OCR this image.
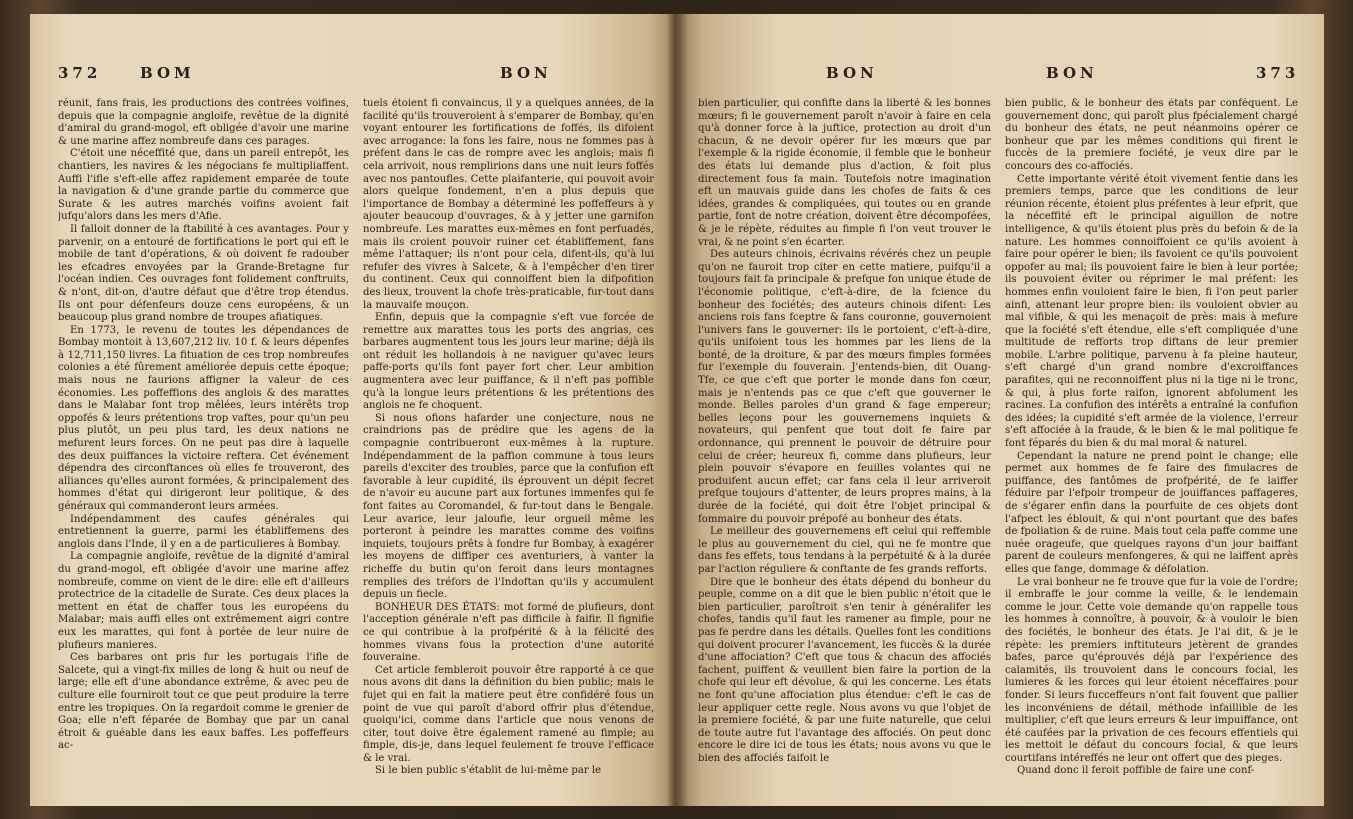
372	BOM	BON

réunit, fans frais, les productions des contrées voifines, depuis que la compagnie angloife, revêtue de la dignité d'amiral du grand-mogol, eft obligée d'avoir une marine & une marine affez nombreufe dans ces parages.

C'étoit une néceffité que, dans un pareil entrepôt, les chantiers, les navires & les négocians fe multipliaffent. Auffi l'ifle s'eft-elle affez rapidement emparée de toute la navigation & d'une grande partie du commerce que Surate & les autres marchés voifins avoient fait jufqu'alors dans les mers d'Afie.

Il falloit donner de la ftabilité à ces avantages. Pour y parvenir, on a entouré de fortifications le port qui eft le mobile de tant d'opérations, & où doivent fe radouber les efcadres envoyées par la Grande-Bretagne fur l'océan indien. Ces ouvrages font folidement conftruits, & n'ont, dit-on, d'autre défaut que d'être trop étendus. Ils ont pour défenfeurs douze cens européens, & un beaucoup plus grand nombre de troupes afiatiques.

En 1773, le revenu de toutes les dépendances de Bombay montoit à 13,607,212 liv. 10 f. & leurs dépenfes à 12,711,150 livres. La fituation de ces trop nombreufes colonies a été fûrement améliorée depuis cette époque; mais nous ne faurions affigner la valeur de ces économies. Les poffeffions des anglois & des marattes dans le Malabar font trop mêlées, leurs intérêts trop oppofés & leurs prétentions trop vaftes, pour qu'un peu plus plutôt, un peu plus tard, les deux nations ne mefurent leurs forces. On ne peut pas dire à laquelle des deux puiffances la victoire reftera. Cet événement dépendra des circonftances où elles fe trouveront, des alliances qu'elles auront formées, & principalement des hommes d'état qui dirigeront leur politique, & des généraux qui commanderont leurs armées.

Indépendamment des caufes générales qui entretiennent la guerre, parmi les établiffemens des anglois dans l'Inde, il y en a de particulieres à Bombay.

La compagnie angloife, revêtue de la dignité d'amiral du grand-mogol, eft obligée d'avoir une marine affez nombreufe, comme on vient de le dire: elle eft d'ailleurs protectrice de la citadelle de Surate. Ces deux places la mettent en état de chaffer tous les européens du Malabar; mais auffi elles ont extrêmement aigri contre eux les marattes, qui font à portée de leur nuire de plufieurs manieres.

Ces barbares ont pris fur les portugais l'ifle de Salcete, qui a vingt-fix milles de long & huit ou neuf de large; elle eft d'une abondance extrême, & avec peu de culture elle fourniroit tout ce que peut produire la terre entre les tropiques. On la regardoit comme le grenier de Goa; elle n'eft féparée de Bombay que par un canal étroit & guéable dans les eaux baffes. Les poffeffeurs ac-

tuels étoient fi convaincus, il y a quelques années, de la facilité qu'ils trouveroient à s'emparer de Bombay, qu'en voyant entourer les fortifications de foffés, ils difoient avec arrogance: la fons les faire, nous ne fommes pas à préfent dans le cas de rompre avec les anglois; mais fi cela arrivoit, nous remplirions dans une nuit leurs foffés avec nos pantoufles. Cette plaifanterie, qui pouvoit avoir alors quelque fondement, n'en a plus depuis que l'importance de Bombay a déterminé les poffeffeurs à y ajouter beaucoup d'ouvrages, & à y jetter une garnifon nombreufe. Les marattes eux-mêmes en font perfuadés, mais ils croient pouvoir ruiner cet établiffement, fans même l'attaquer; ils n'ont pour cela, difent-ils, qu'à lui refufer des vivres à Salcete, & à l'empêcher d'en tirer du continent. Ceux qui connoiffent bien la difpofition des lieux, trouvent la chofe très-praticable, fur-tout dans la mauvaife mouçon.

Enfin, depuis que la compagnie s'eft vue forcée de remettre aux marattes tous les ports des angrias, ces barbares augmentent tous les jours leur marine; déjà ils ont réduit les hollandois à ne naviguer qu'avec leurs paffe-ports qu'ils font payer fort cher. Leur ambition augmentera avec leur puiffance, & il n'eft pas poffible qu'à la longue leurs prétentions & les prétentions des anglois ne fe choquent.

Si nous ofions hafarder une conjecture, nous ne craindrions pas de prédire que les agens de la compagnie contribueront eux-mêmes à la rupture. Indépendamment de la paffion commune à tous leurs pareils d'exciter des troubles, parce que la confufion eft favorable à leur cupidité, ils éprouvent un dépit fecret de n'avoir eu aucune part aux fortunes immenfes qui fe font faites au Coromandel, & fur-tout dans le Bengale. Leur avarice, leur jaloufie, leur orgueil même les porteront à peindre les marattes comme des voifins inquiets, toujours prêts à fondre fur Bombay, à exagérer les moyens de diffiper ces aventuriers, à vanter la richeffe du butin qu'on feroit dans leurs montagnes remplies des tréfors de l'Indoftan qu'ils y accumulent depuis un fiecle.

BONHEUR DES ÉTATS: mot formé de plufieurs, dont l'acception générale n'eft pas difficile à faifir. Il fignifie ce qui contribue à la profpérité & à la félicité des hommes vivans fous la protection d'une autorité fouveraine.

Cet article fembleroit pouvoir être rapporté à ce que nous avons dit dans la définition du bien public; mais le fujet qui en fait la matiere peut être confidéré fous un point de vue qui paroît d'abord offrir plus d'étendue, quoiqu'ici, comme dans l'article que nous venons de citer, tout doive être également ramené au fimple; au fimple, dis-je, dans lequel feulement fe trouve l'efficace & le vrai.

Si le bien public s'établit de lui-même par le

BON	BON	373

bien particulier, qui confifte dans la liberté & les bonnes mœurs; fi le gouvernement paroît n'avoir à faire en cela qu'à donner force à la juftice, protection au droit d'un chacun, & ne devoir opérer fur les mœurs que par l'exemple & la rigide économie, il femble que le bonheur des états lui demande plus d'action, & foit plus directement fous fa main. Toutefois notre imagination eft un mauvais guide dans les chofes de faits & ces idées, grandes & compliquées, qui toutes ou en grande partie, font de notre création, doivent être décompofées, & je le répète, réduites au fimple fi l'on veut trouver le vrai, & ne point s'en écarter.

Des auteurs chinois, écrivains révérés chez un peuple qu'on ne fauroit trop citer en cette matiere, puifqu'il a toujours fait fa principale & prefque fon unique étude de l'économie politique, c'eft-à-dire, de la fcience du bonheur des fociétés; des auteurs chinois difent: Les anciens rois fans fceptre & fans couronne, gouvernoient l'univers fans le gouverner: ils le portoient, c'eft-à-dire, qu'ils unifoient tous les hommes par les liens de la bonté, de la droiture, & par des mœurs fimples formées fur l'exemple du fouverain. J'entends-bien, dit Ouang-Tfe, ce que c'eft que porter le monde dans fon cœur, mais je n'entends pas ce que c'eft que gouverner le monde. Belles paroles d'un grand & fage empereur; belles leçons pour les gouvernemens inquiets & novateurs, qui penfent que tout doit fe faire par ordonnance, qui prennent le pouvoir de détruire pour celui de créer; heureux fi, comme dans plufieurs, leur plein pouvoir s'évapore en feuilles volantes qui ne produifent aucun effet; car fans cela il leur arriveroit prefque toujours d'attenter, de leurs propres mains, à la durée de la fociété, qui doit être l'objet principal & fommaire du pouvoir prépofé au bonheur des états.

Le meilleur des gouvernemens eft celui qui reffemble le plus au gouvernement du ciel, qui ne fe montre que dans fes effets, tous tendans à la perpétuité & à la durée par l'action réguliere & conftante de fes grands refforts.

Dire que le bonheur des états dépend du bonheur du peuple, comme on a dit que le bien public n'étoit que le bien particulier, paroîtroit s'en tenir à généralifer les chofes, tandis qu'il faut les ramener au fimple, pour ne pas fe perdre dans les détails. Quelles font les conditions qui doivent procurer l'avancement, les fuccès & la durée d'une affociation? C'eft que tous & chacun des affociés fachent, puiffent & veuillent bien faire la portion de la chofe qui leur eft dévolue, & qui les concerne. Les états ne font qu'une affociation plus étendue: c'eft le cas de leur appliquer cette regle. Nous avons vu que l'objet de la premiere fociété, & par une fuite naturelle, que celui de toute autre fut l'avantage des affociés. On peut donc encore le dire ici de tous les états; nous avons vu que le bien des affociés faifoit le

bien public, & le bonheur des états par conféquent. Le gouvernement donc, qui paroît plus fpécialement chargé du bonheur des états, ne peut néanmoins opérer ce bonheur que par les mêmes conditions qui firent le fuccès de la premiere fociété, je veux dire par le concours des co-affociés.

Cette importante vérité étoit vivement fentie dans les premiers temps, parce que les conditions de leur réunion récente, étoient plus préfentes à leur efprit, que la néceffité eft le principal aiguillon de notre intelligence, & qu'ils étoient plus près du befoin & de la nature. Les hommes connoiffoient ce qu'ils avoient à faire pour opérer le bien; ils favoient ce qu'ils pouvoient oppofer au mal; ils pouvoient faire le bien à leur portée; ils pouvoient éviter ou réprimer le mal préfent: les hommes enfin vouloient faire le bien, fi l'on peut parler ainfi, attenant leur propre bien: ils vouloient obvier au mal vifible, & qui les menaçoit de près: mais à mefure que la fociété s'eft étendue, elle s'eft compliquée d'une multitude de refforts trop diftans de leur premier mobile. L'arbre politique, parvenu à fa pleine hauteur, s'eft chargé d'un grand nombre d'excroiffances parafites, qui ne reconnoiffent plus ni la tige ni le tronc, & qui, à plus forte raifon, ignorent abfolument les racines. La confufion des intérêts a entraîné la confufion des idées; la cupidité s'eft armée de la violence, l'erreur s'eft affociée à la fraude, & le bien & le mal politique fe font féparés du bien & du mal moral & naturel.

Cependant la nature ne prend point le change; elle permet aux hommes de fe faire des fimulacres de puiffance, des fantômes de profpérité, de fe laiffer féduire par l'efpoir trompeur de jouiffances paffageres, de s'égarer enfin dans la pourfuite de ces objets dont l'afpect les éblouit, & qui n'ont pourtant que des bafes de fpoliation & de ruine. Mais tout cela paffe comme une nuée orageufe, que quelques rayons d'un jour baiffant parent de couleurs menfongeres, & qui ne laiffent après elles que fange, dommage & défolation.

Le vrai bonheur ne fe trouve que fur la voie de l'ordre; il embraffe le jour comme la veille, & le lendemain comme le jour. Cette voie demande qu'on rappelle tous les hommes à connoître, à pouvoir, & à vouloir le bien des fociétés, le bonheur des états. Je l'ai dit, & je le répète: les premiers inftituteurs jetèrent de grandes bafes, parce qu'éprouvés déjà par l'expérience des calamités, ils trouvoient dans le concours focial, les lumieres & les forces qui leur étoient néceffaires pour fonder. Si leurs fucceffeurs n'ont fait fouvent que pallier les inconvéniens de détail, méthode infaillible de les multiplier, c'eft que leurs erreurs & leur impuiffance, ont été caufées par la privation de ces fecours effentiels qui les mettoit le défaut du concours focial, & que leurs courtifans intéreffés ne leur ont offert que des pieges.

Quand donc il feroit poffible de faire une conf-
